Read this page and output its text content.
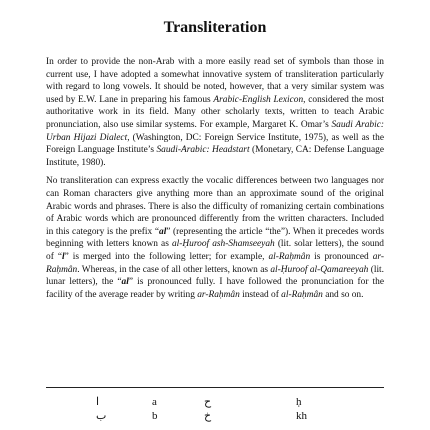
Transliteration

In order to provide the non-Arab with a more easily read set of symbols than those in current use, I have adopted a somewhat innovative system of transliteration particularly with regard to long vowels. It should be noted, however, that a very similar system was used by E.W. Lane in preparing his famous Arabic-English Lexicon, considered the most authoritative work in its field. Many other scholarly texts, written to teach Arabic pronunciation, also use similar systems. For example, Margaret K. Omar’s Saudi Arabic: Urban Hijazi Dialect, (Washington, DC: Foreign Service Institute, 1975), as well as the Foreign Language Institute’s Saudi-Arabic: Headstart (Monetary, CA: Defense Language Institute, 1980).

No transliteration can express exactly the vocalic differences between two languages nor can Roman characters give anything more than an approximate sound of the original Arabic words and phrases. There is also the difficulty of romanizing certain combinations of Arabic words which are pronounced differently from the written characters. Included in this category is the prefix “al” (representing the article “the”). When it precedes words beginning with letters known as al-Ḥuroof ash-Shamseeyah (lit. solar letters), the sound of “l” is merged into the following letter; for example, al-Raḥmân is pronounced ar-Raḥmân. Whereas, in the case of all other letters, known as al-Ḥuroof al-Qamareeyah (lit. lunar letters), the “al” is pronounced fully. I have followed the pronunciation for the facility of the average reader by writing ar-Raḥmân instead of al-Raḥmân and so on.

ا	a	ح	ḥ
ب	b	خ	kh
